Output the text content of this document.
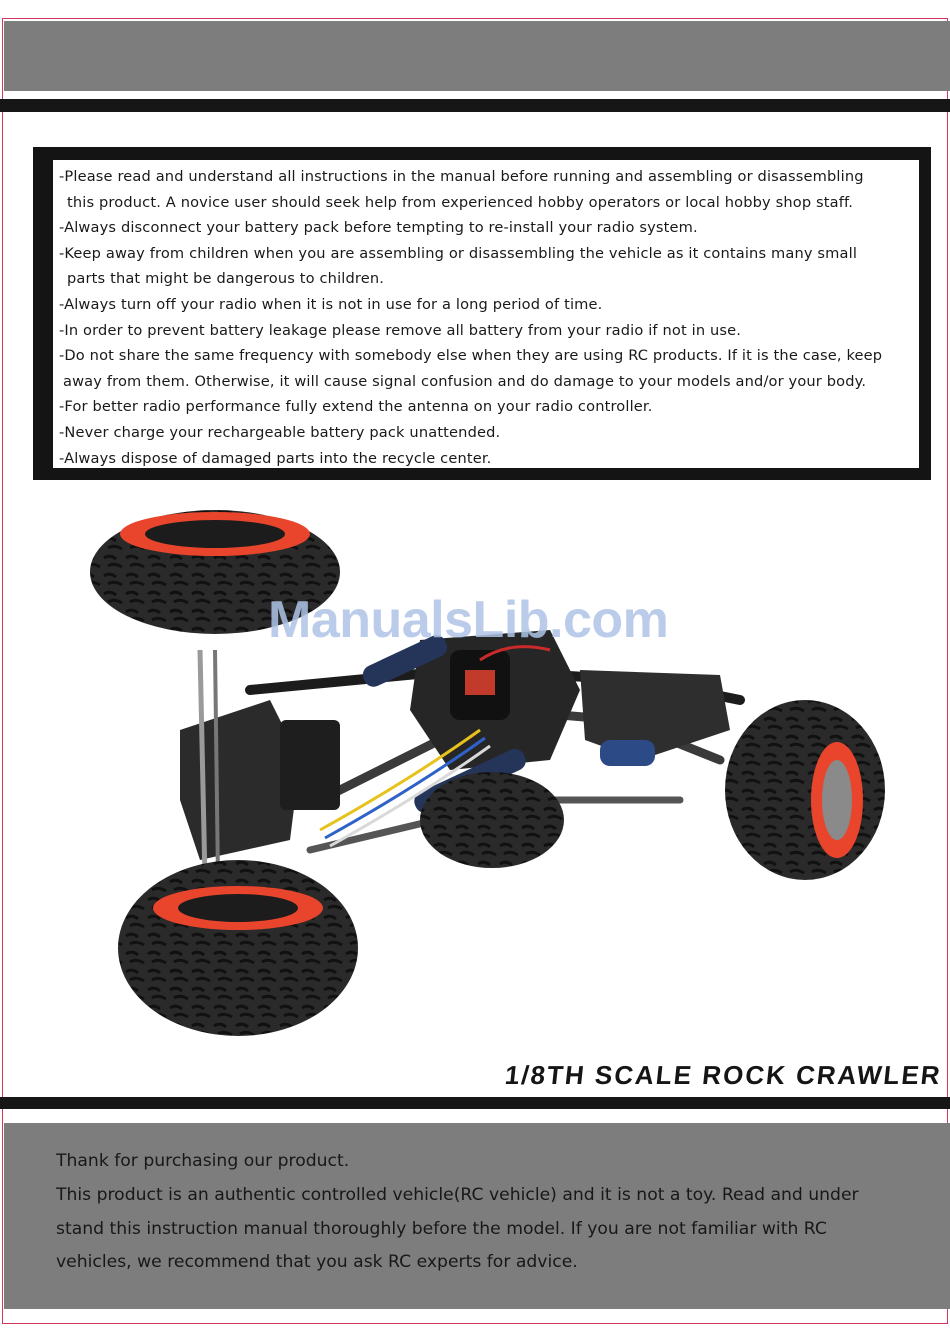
-Please read and understand all instructions in the manual before running and assembling or disassembling
this product. A novice user should seek help from experienced hobby operators or local hobby shop staff.
-Always disconnect your battery pack before tempting to re-install your radio system.
-Keep away from children when you are assembling or disassembling the vehicle as it contains many small
parts that might be dangerous to children.
-Always turn off your radio when it is not in use for a long period of time.
-In order to prevent battery leakage please remove all battery from your radio if not in use.
-Do not share the same frequency with somebody else when they are using RC products. If it is the case, keep
away from them. Otherwise, it will cause signal confusion and do damage to your models and/or your body.
-For better radio performance fully extend the antenna on your radio controller.
-Never charge your rechargeable battery pack unattended.
-Always dispose of damaged parts into the recycle center.
ManualsLib.com
1/8TH SCALE ROCK CRAWLER

Thank for purchasing our product.

This product is an authentic controlled vehicle(RC vehicle) and it is not a toy. Read and under

stand this instruction manual thoroughly before the model. If you are not familiar with RC

vehicles, we recommend that you ask RC experts for advice.
